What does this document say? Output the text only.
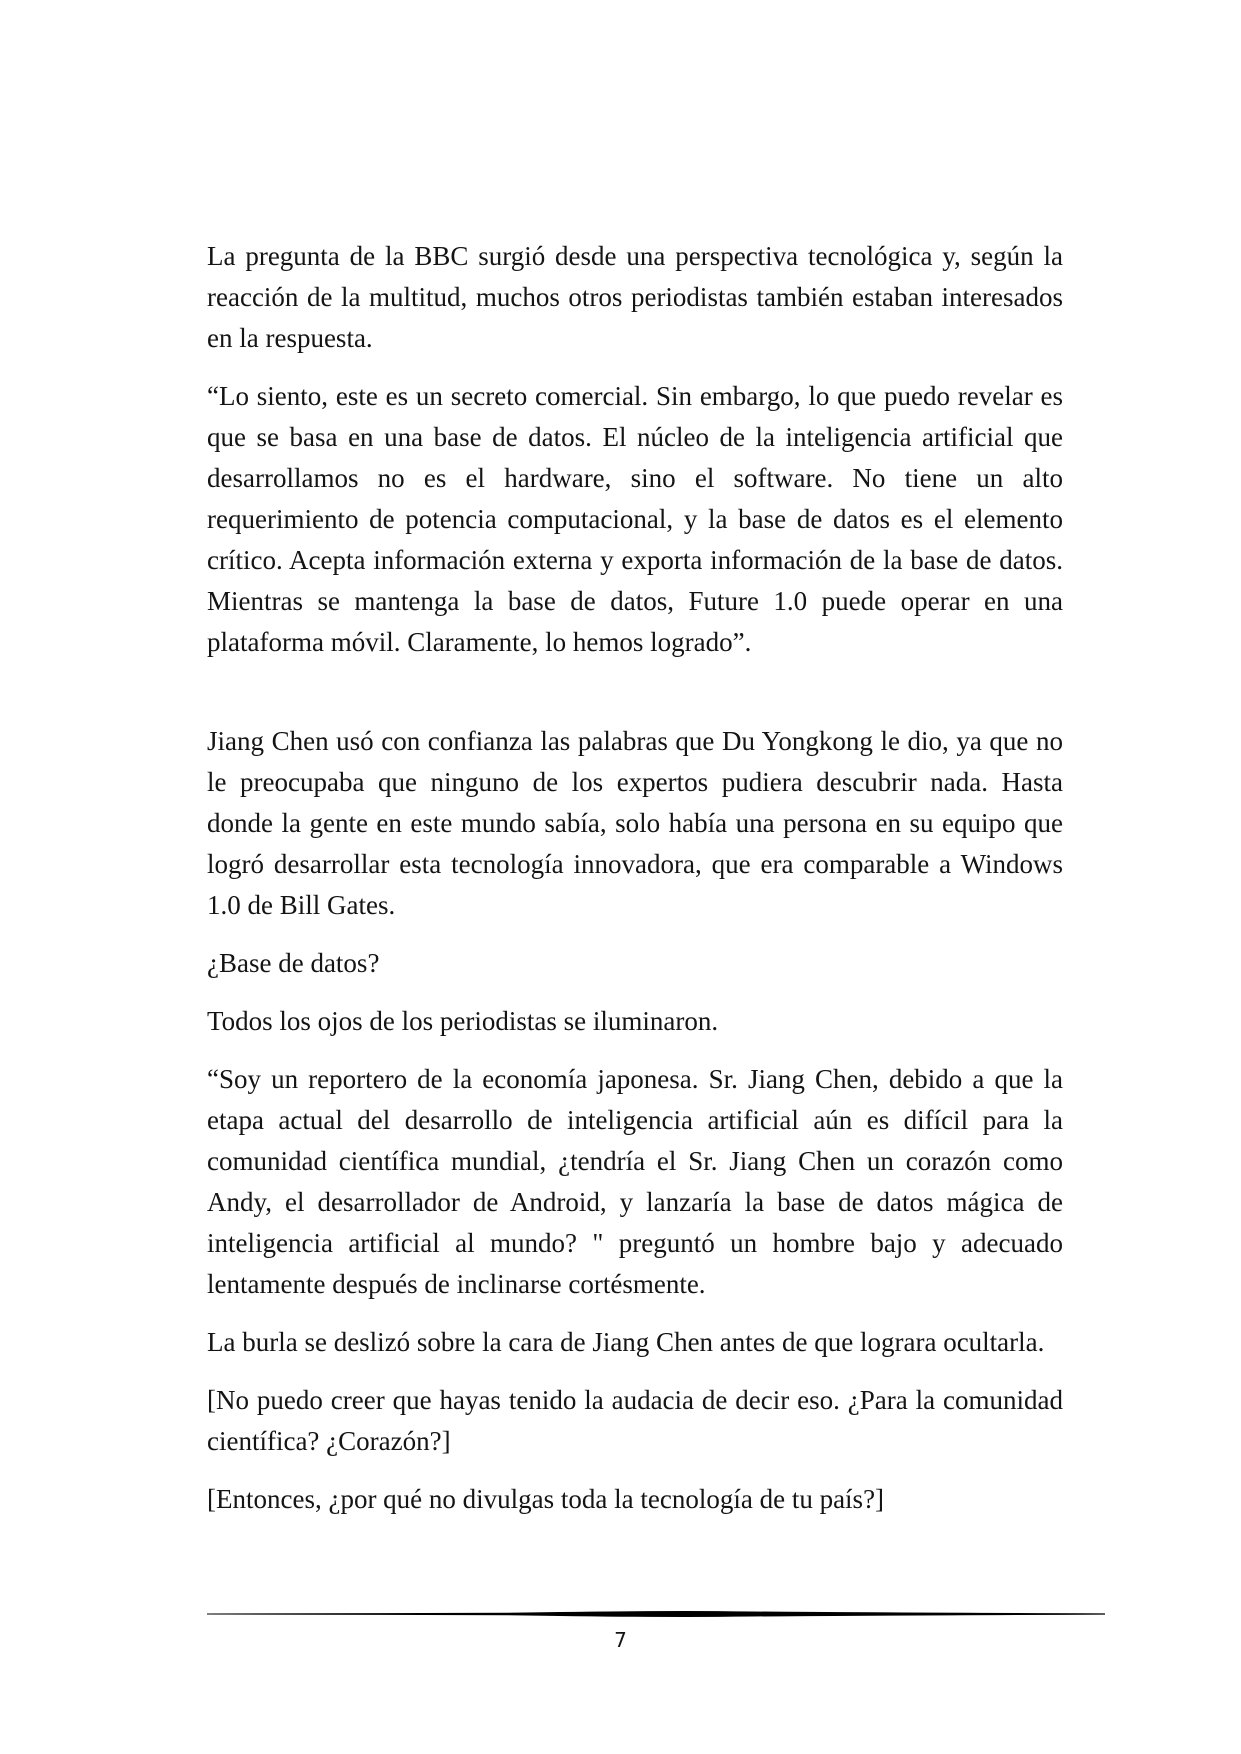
La pregunta de la BBC surgió desde una perspectiva tecnológica y, según la reacción de la multitud, muchos otros periodistas también estaban interesados en la respuesta.

“Lo siento, este es un secreto comercial. Sin embargo, lo que puedo revelar es que se basa en una base de datos. El núcleo de la inteligencia artificial que desarrollamos no es el hardware, sino el software. No tiene un alto requerimiento de potencia computacional, y la base de datos es el elemento crítico. Acepta información externa y exporta información de la base de datos. Mientras se mantenga la base de datos, Future 1.0 puede operar en una plataforma móvil. Claramente, lo hemos logrado”.

Jiang Chen usó con confianza las palabras que Du Yongkong le dio, ya que no le preocupaba que ninguno de los expertos pudiera descubrir nada. Hasta donde la gente en este mundo sabía, solo había una persona en su equipo que logró desarrollar esta tecnología innovadora, que era comparable a Windows 1.0 de Bill Gates.

¿Base de datos?

Todos los ojos de los periodistas se iluminaron.

“Soy un reportero de la economía japonesa. Sr. Jiang Chen, debido a que la etapa actual del desarrollo de inteligencia artificial aún es difícil para la comunidad científica mundial, ¿tendría el Sr. Jiang Chen un corazón como Andy, el desarrollador de Android, y lanzaría la base de datos mágica de inteligencia artificial al mundo? " preguntó un hombre bajo y adecuado lentamente después de inclinarse cortésmente.

La burla se deslizó sobre la cara de Jiang Chen antes de que lograra ocultarla.

[No puedo creer que hayas tenido la audacia de decir eso. ¿Para la comunidad científica? ¿Corazón?]

[Entonces, ¿por qué no divulgas toda la tecnología de tu país?]

7
